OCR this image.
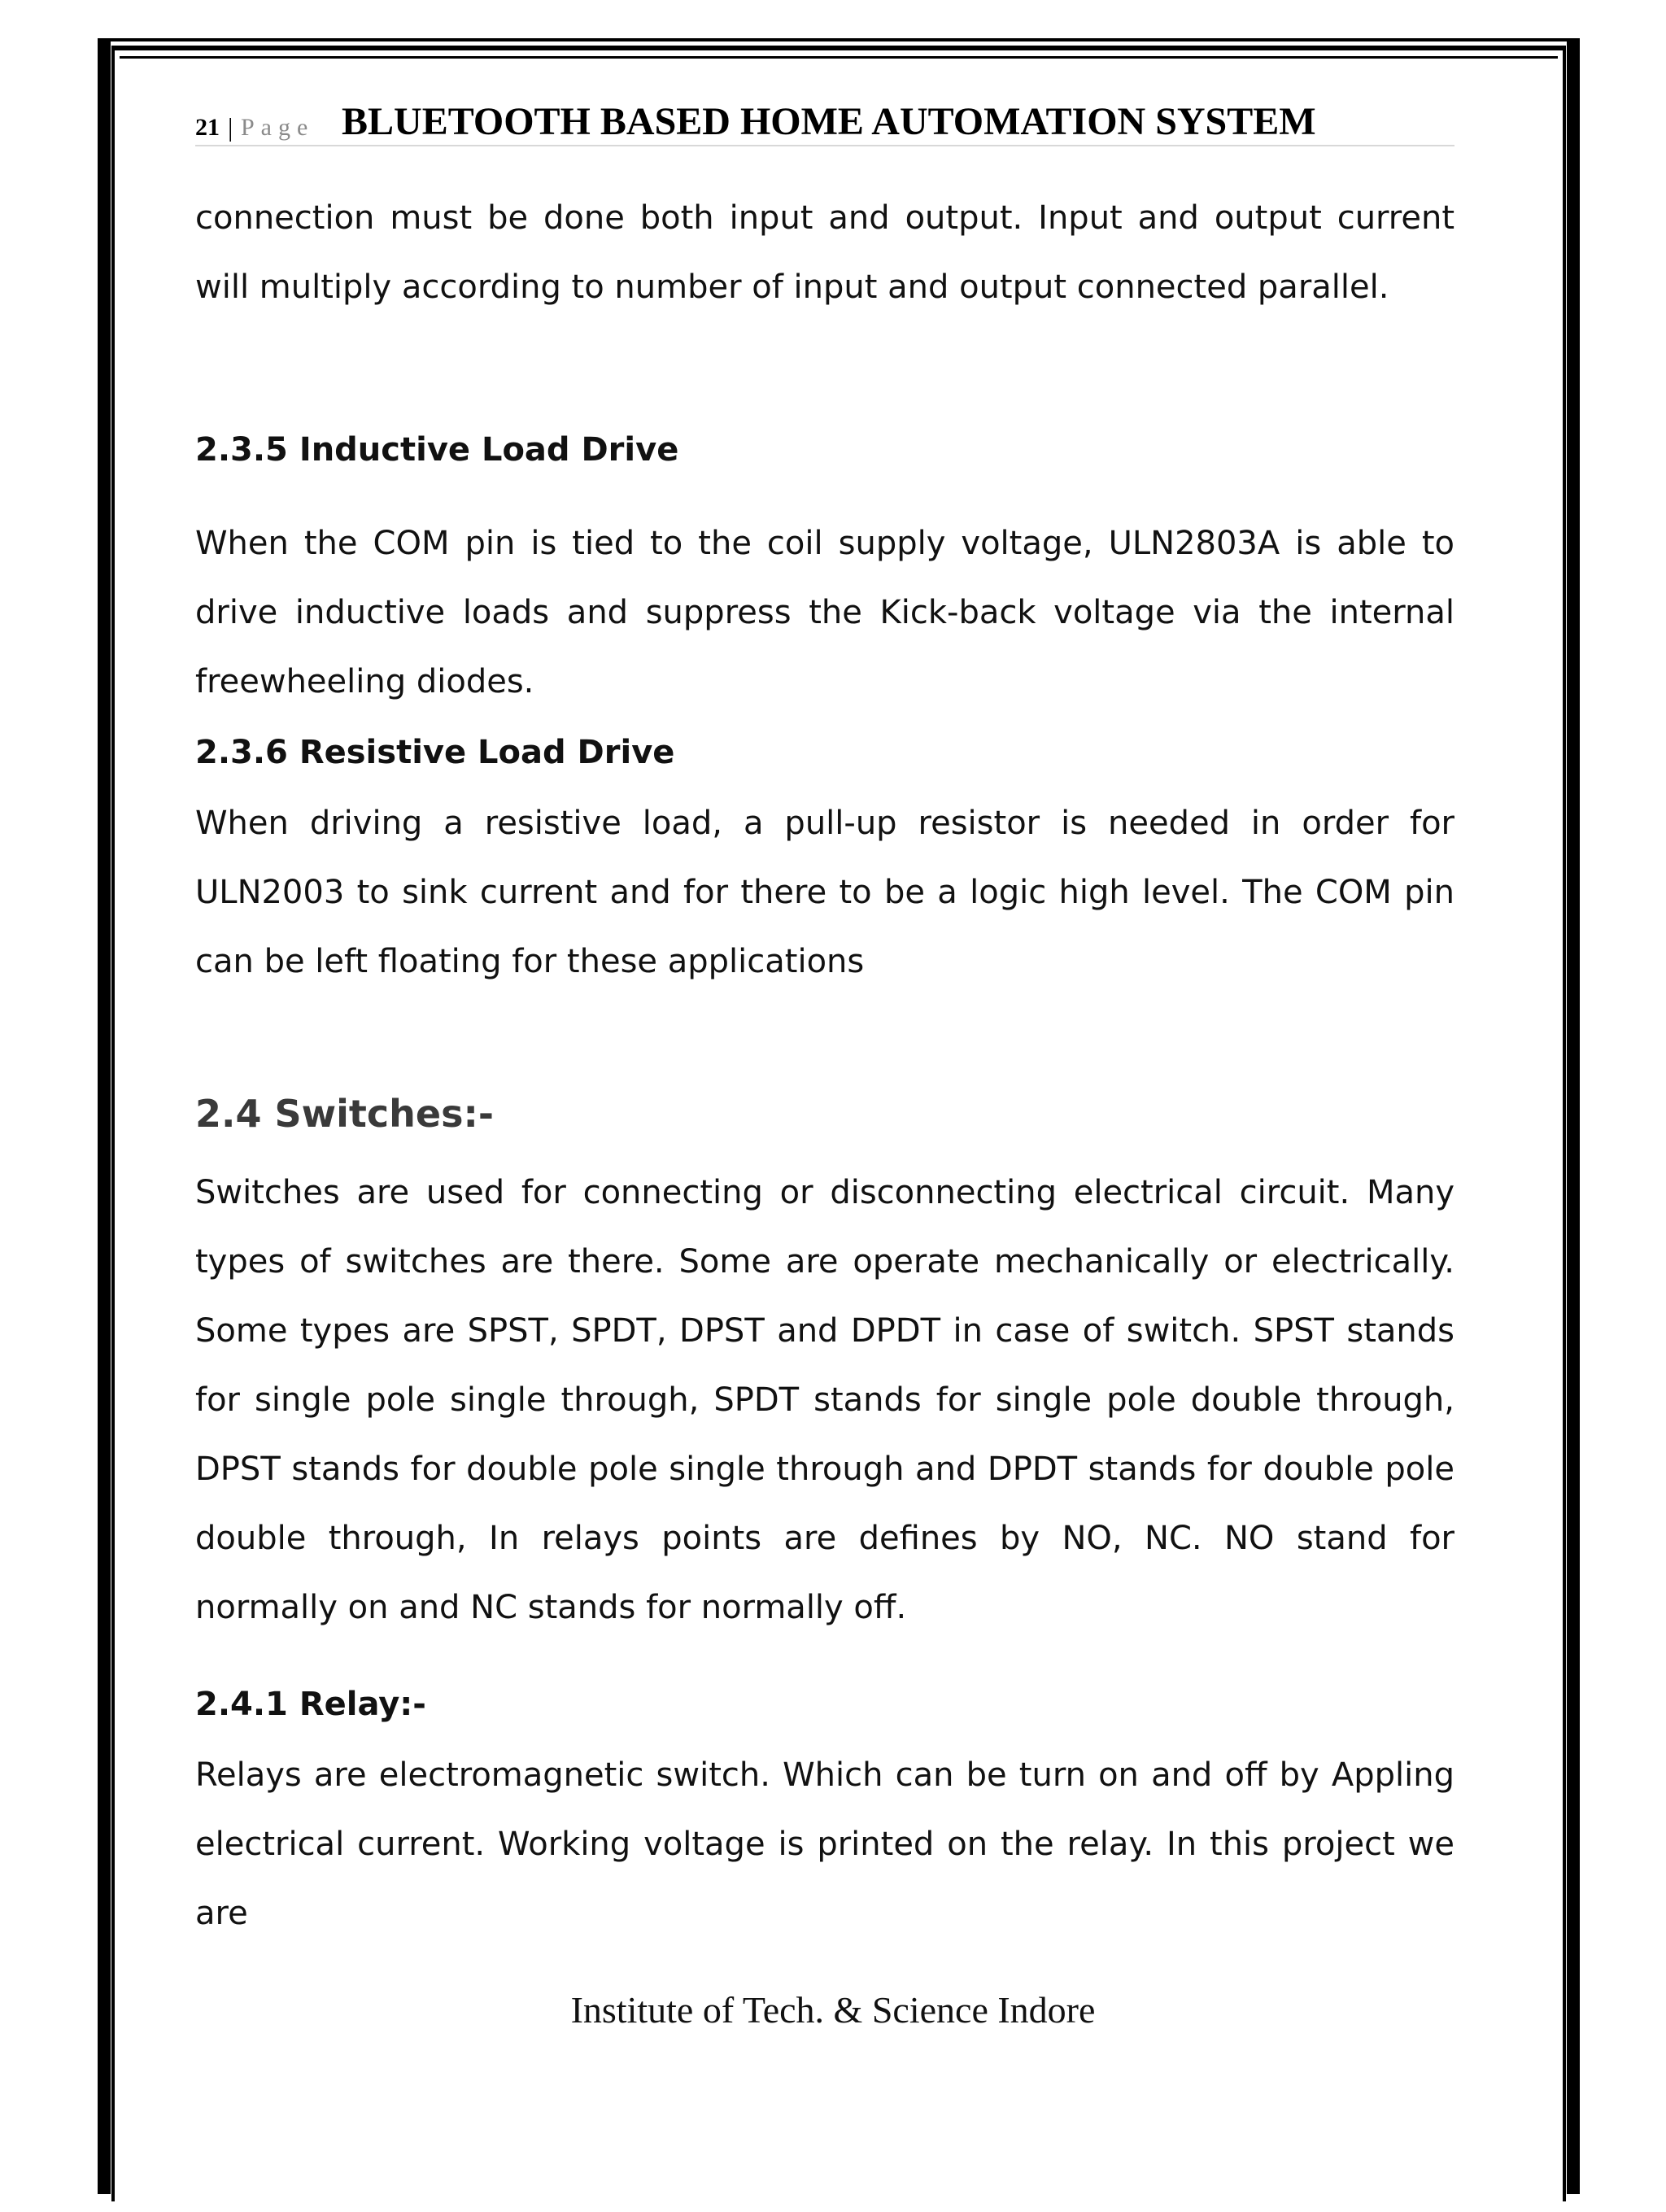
21 | Page BLUETOOTH BASED HOME AUTOMATION SYSTEM

connection must be done both input and output. Input and output current will multiply according to number of input and output connected parallel.

2.3.5 Inductive Load Drive

When the COM pin is tied to the coil supply voltage, ULN2803A is able to drive inductive loads and suppress the Kick-back voltage via the internal freewheeling diodes.

2.3.6 Resistive Load Drive

When driving a resistive load, a pull-up resistor is needed in order for ULN2003 to sink current and for there to be a logic high level. The COM pin can be left floating for these applications

2.4 Switches:-

Switches are used for connecting or disconnecting electrical circuit. Many types of switches are there. Some are operate mechanically or electrically. Some types are SPST, SPDT, DPST and DPDT in case of switch. SPST stands for single pole single through, SPDT stands for single pole double through, DPST stands for double pole single through and DPDT stands for double pole double through, In relays points are defines by NO, NC. NO stand for normally on and NC stands for normally off.

2.4.1 Relay:-

Relays are electromagnetic switch. Which can be turn on and off by Appling electrical current. Working voltage is printed on the relay. In this project we are

Institute of Tech. & Science Indore
